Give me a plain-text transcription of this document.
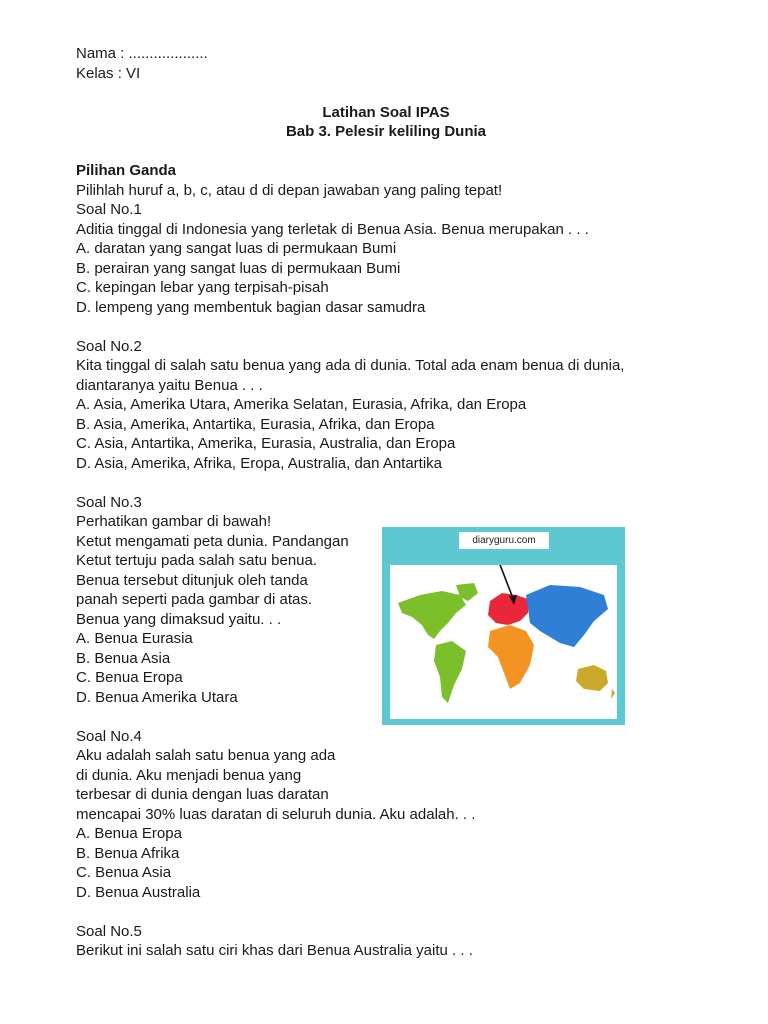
Nama : ...................

Kelas : VI

Latihan Soal IPAS

Bab 3. Pelesir keliling Dunia

Pilihan Ganda

Pilihlah huruf a, b, c, atau d di depan jawaban yang paling tepat!

Soal No.1

Aditia tinggal di Indonesia yang terletak di Benua Asia. Benua merupakan . . .

A. daratan yang sangat luas di permukaan Bumi

B. perairan yang sangat luas di permukaan Bumi

C. kepingan lebar yang terpisah-pisah

D. lempeng yang membentuk bagian dasar samudra

Soal No.2

Kita tinggal di salah satu benua yang ada di dunia. Total ada enam benua di dunia,

diantaranya yaitu Benua . . .

A. Asia, Amerika Utara, Amerika Selatan, Eurasia, Afrika, dan Eropa

B. Asia, Amerika, Antartika, Eurasia, Afrika, dan Eropa

C. Asia, Antartika, Amerika, Eurasia, Australia, dan Eropa

D. Asia, Amerika, Afrika, Eropa, Australia, dan Antartika

Soal No.3

Perhatikan gambar di bawah!

Ketut mengamati peta dunia. Pandangan

Ketut tertuju pada salah satu benua.

Benua tersebut ditunjuk oleh tanda

panah seperti pada gambar di atas.

Benua yang dimaksud yaitu. . .

A. Benua Eurasia

B. Benua Asia

C. Benua Eropa

D. Benua Amerika Utara

Soal No.4

Aku adalah salah satu benua yang ada

di dunia. Aku menjadi benua yang

terbesar di dunia dengan luas daratan

mencapai 30% luas daratan di seluruh dunia. Aku adalah. . .

A. Benua Eropa

B. Benua Afrika

C. Benua Asia

D. Benua Australia

Soal No.5

Berikut ini salah satu ciri khas dari Benua Australia yaitu . . .

diaryguru.com
